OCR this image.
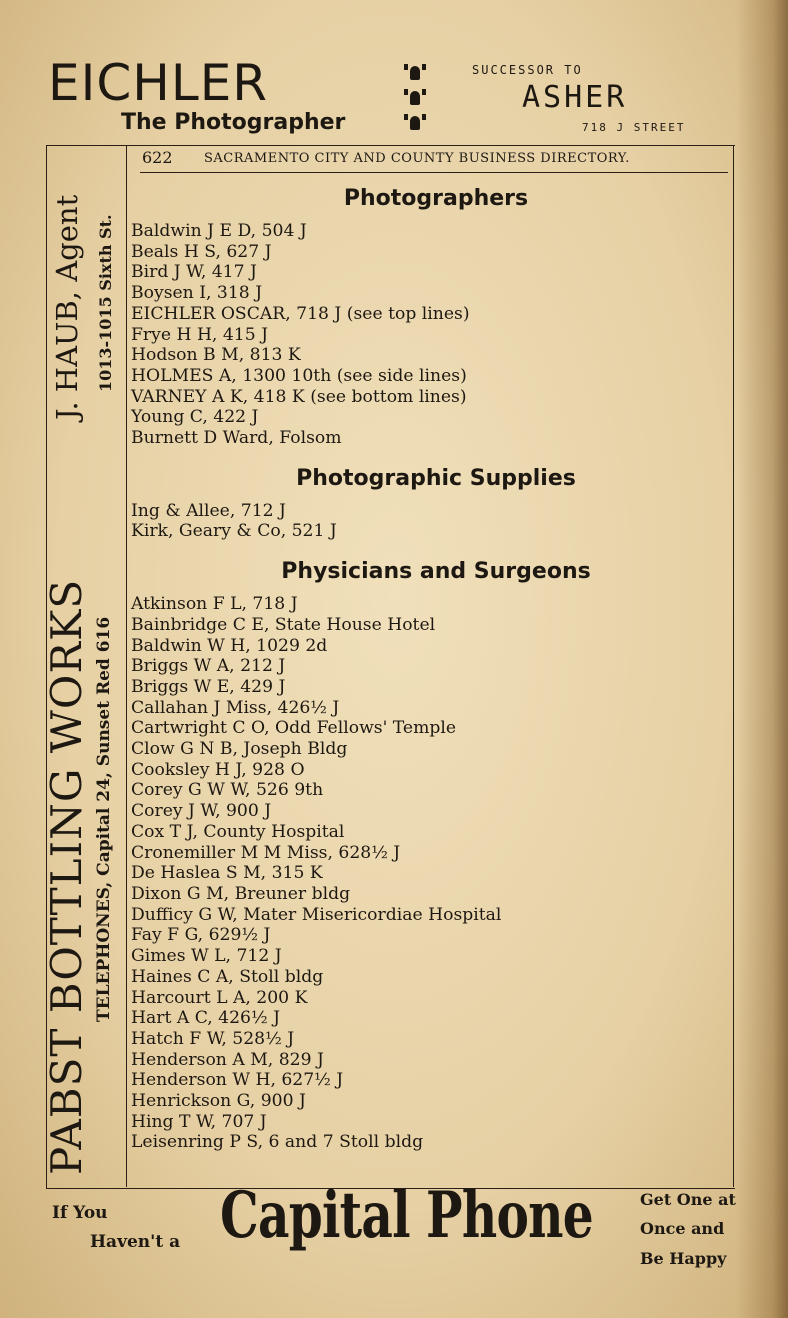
EICHLER
The Photographer
SUCCESSOR TO
ASHER
718 J STREET
PABST BOTTLING WORKS
J. HAUB, Agent 1013-1015 Sixth St.
TELEPHONES, Capital 24, Sunset Red 616
622 SACRAMENTO CITY AND COUNTY BUSINESS DIRECTORY.
Photographers
Baldwin J E D, 504 J
Beals H S, 627 J
Bird J W, 417 J
Boysen I, 318 J
EICHLER OSCAR, 718 J (see top lines)
Frye H H, 415 J
Hodson B M, 813 K
HOLMES A, 1300 10th (see side lines)
VARNEY A K, 418 K (see bottom lines)
Young C, 422 J
Burnett D Ward, Folsom
Photographic Supplies
Ing & Allee, 712 J
Kirk, Geary & Co, 521 J
Physicians and Surgeons
Atkinson F L, 718 J
Bainbridge C E, State House Hotel
Baldwin W H, 1029 2d
Briggs W A, 212 J
Briggs W E, 429 J
Callahan J Miss, 426½ J
Cartwright C O, Odd Fellows' Temple
Clow G N B, Joseph Bldg
Cooksley H J, 928 O
Corey G W W, 526 9th
Corey J W, 900 J
Cox T J, County Hospital
Cronemiller M M Miss, 628½ J
De Haslea S M, 315 K
Dixon G M, Breuner bldg
Dufficy G W, Mater Misericordiae Hospital
Fay F G, 629½ J
Gimes W L, 712 J
Haines C A, Stoll bldg
Harcourt L A, 200 K
Hart A C, 426½ J
Hatch F W, 528½ J
Henderson A M, 829 J
Henderson W H, 627½ J
Henrickson G, 900 J
Hing T W, 707 J
Leisenring P S, 6 and 7 Stoll bldg
If You
Haven't a Capital Phone	Get One at
Once and
Be Happy
